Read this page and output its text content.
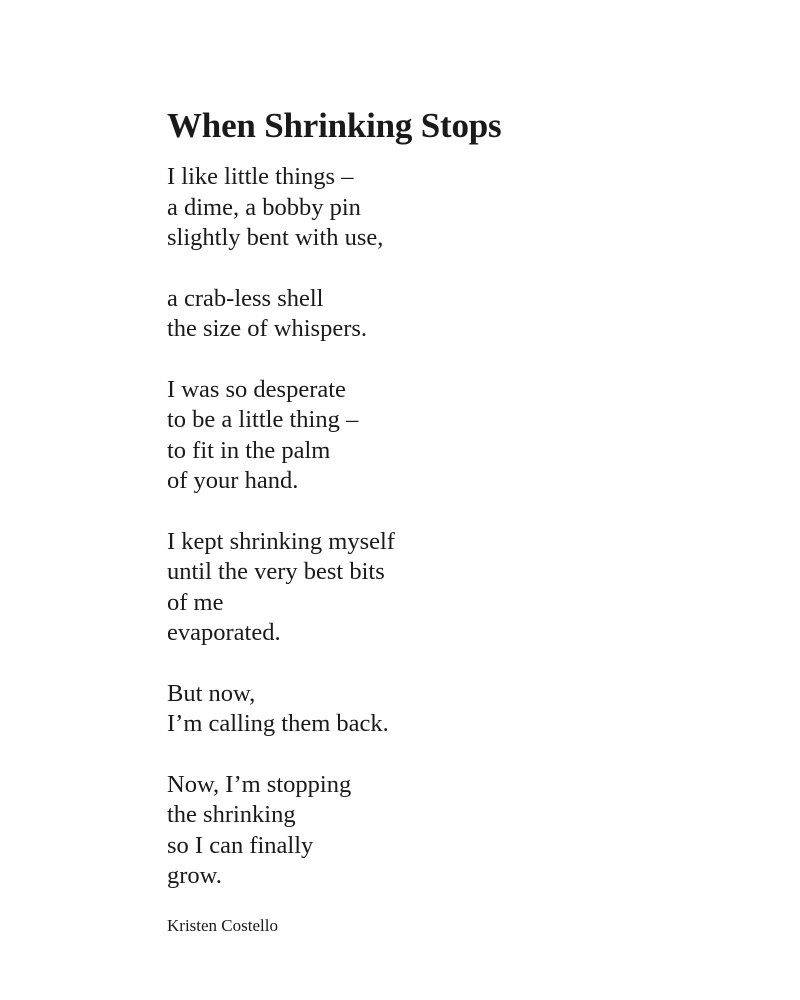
When Shrinking Stops
I like little things –
a dime, a bobby pin
slightly bent with use,
a crab-less shell
the size of whispers.
I was so desperate
to be a little thing –
to fit in the palm
of your hand.
I kept shrinking myself
until the very best bits
of me
evaporated.
But now,
I’m calling them back.
Now, I’m stopping
the shrinking
so I can finally
grow.
Kristen Costello
